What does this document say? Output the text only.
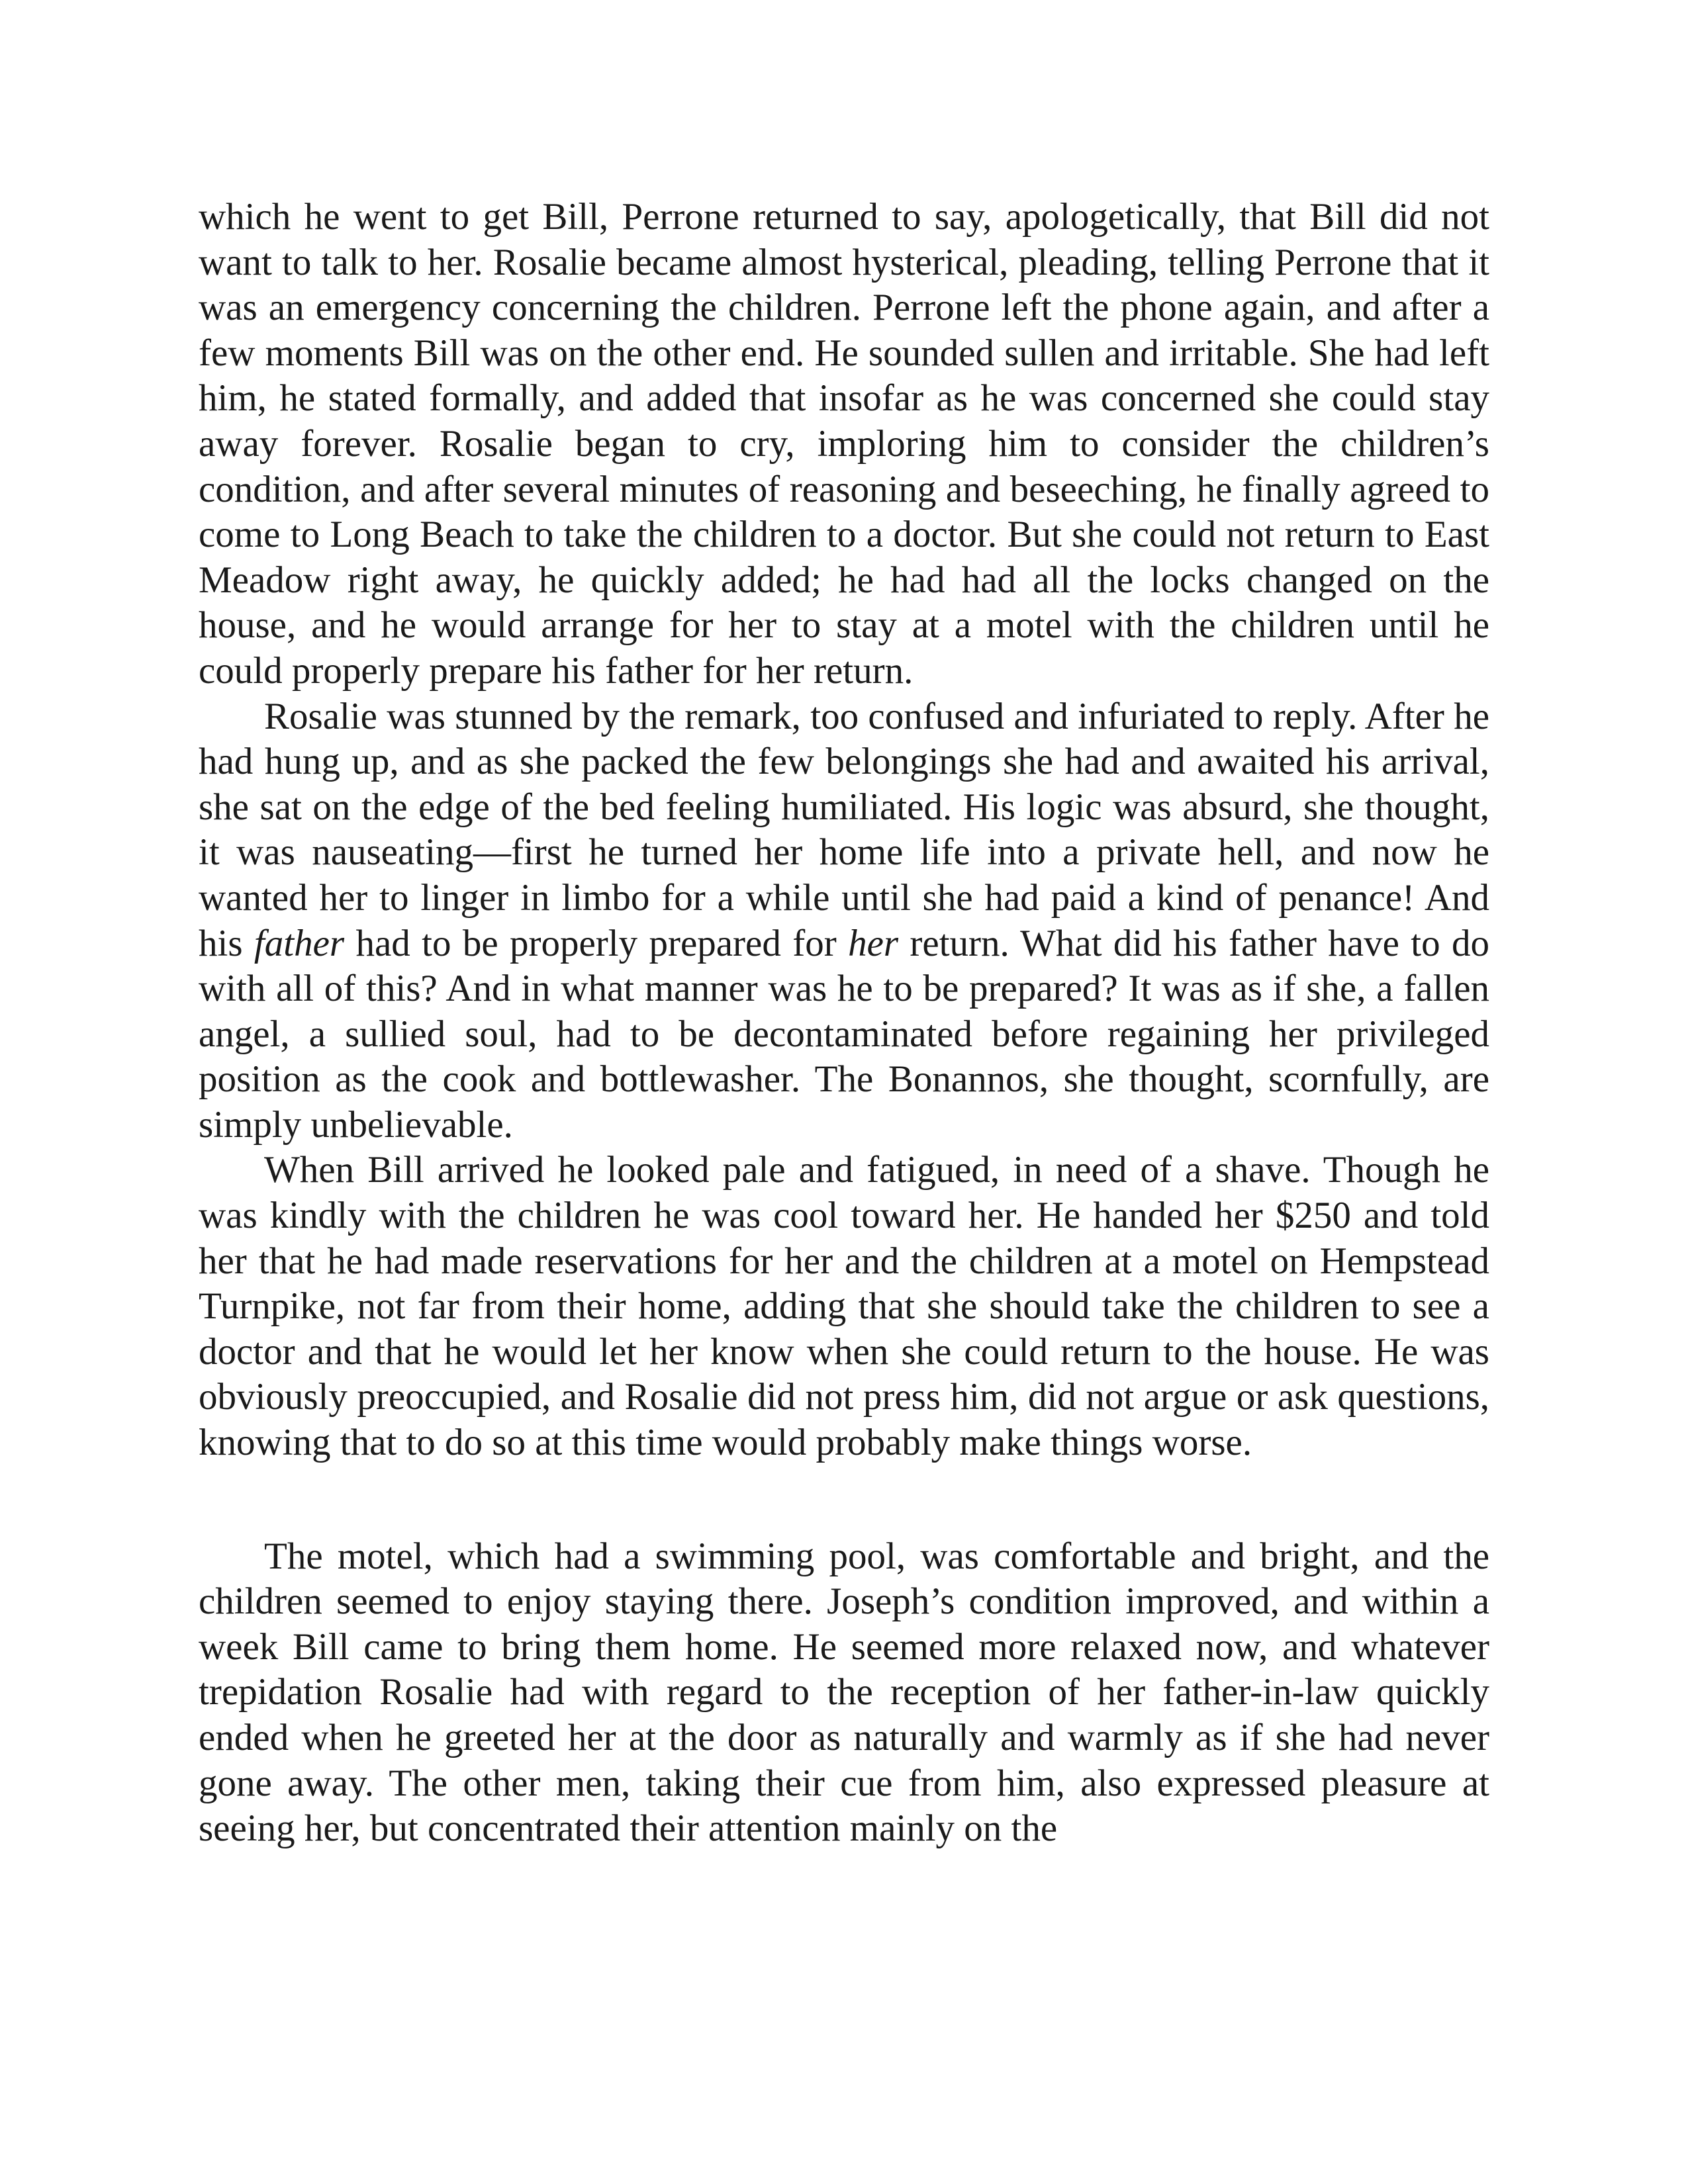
which he went to get Bill, Perrone returned to say, apologetically, that Bill did not want to talk to her. Rosalie became almost hysterical, pleading, telling Perrone that it was an emergency concerning the children. Perrone left the phone again, and after a few moments Bill was on the other end. He sounded sullen and irritable. She had left him, he stated formally, and added that insofar as he was concerned she could stay away forever. Rosalie began to cry, imploring him to consider the children’s condition, and after several minutes of reasoning and beseeching, he finally agreed to come to Long Beach to take the children to a doctor. But she could not return to East Meadow right away, he quickly added; he had had all the locks changed on the house, and he would arrange for her to stay at a motel with the children until he could properly prepare his father for her return.

Rosalie was stunned by the remark, too confused and infuriated to reply. After he had hung up, and as she packed the few belongings she had and awaited his arrival, she sat on the edge of the bed feeling humiliated. His logic was absurd, she thought, it was nauseating—first he turned her home life into a private hell, and now he wanted her to linger in limbo for a while until she had paid a kind of penance! And his father had to be properly prepared for her return. What did his father have to do with all of this? And in what manner was he to be prepared? It was as if she, a fallen angel, a sullied soul, had to be decontaminated before regaining her privileged position as the cook and bottlewasher. The Bonannos, she thought, scornfully, are simply unbelievable.

When Bill arrived he looked pale and fatigued, in need of a shave. Though he was kindly with the children he was cool toward her. He handed her $250 and told her that he had made reservations for her and the children at a motel on Hempstead Turnpike, not far from their home, adding that she should take the children to see a doctor and that he would let her know when she could return to the house. He was obviously preoccupied, and Rosalie did not press him, did not argue or ask questions, knowing that to do so at this time would probably make things worse.

The motel, which had a swimming pool, was comfortable and bright, and the children seemed to enjoy staying there. Joseph’s condition improved, and within a week Bill came to bring them home. He seemed more relaxed now, and whatever trepidation Rosalie had with regard to the reception of her father-in-law quickly ended when he greeted her at the door as naturally and warmly as if she had never gone away. The other men, taking their cue from him, also expressed pleasure at seeing her, but concentrated their attention mainly on the
